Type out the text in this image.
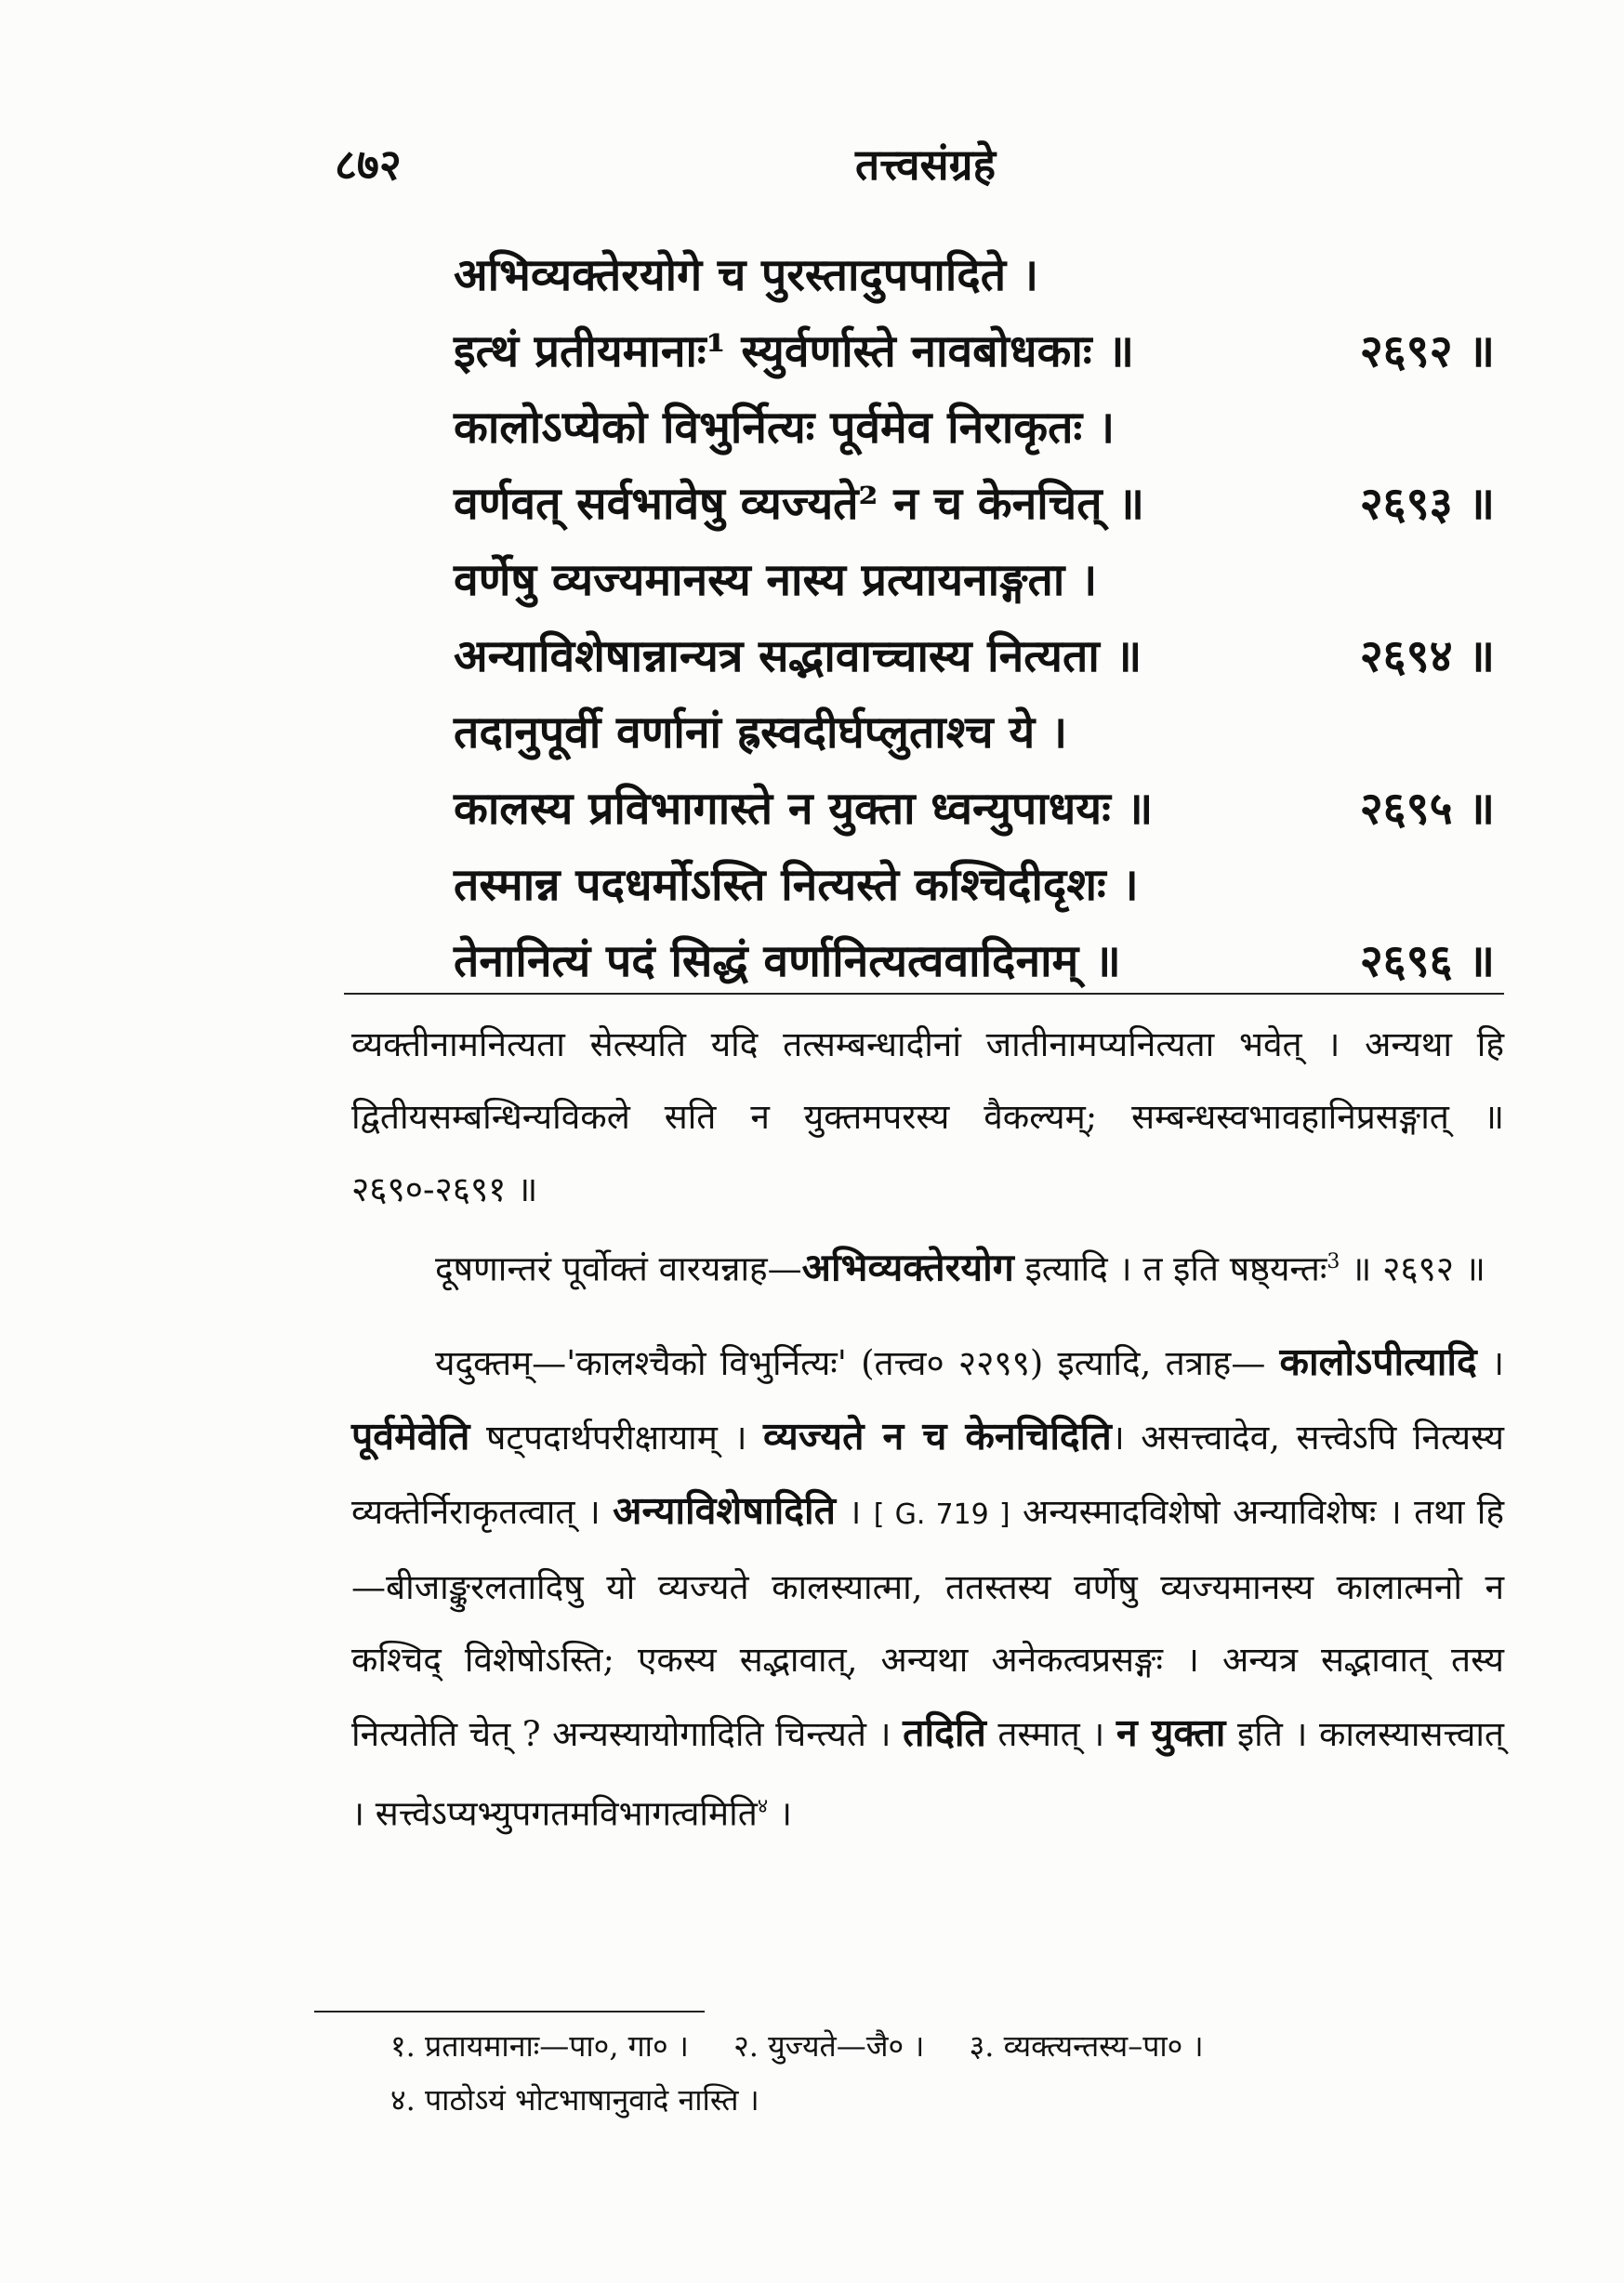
८७२	तत्त्वसंग्रहे
अभिव्यक्तेरयोगे च पुरस्तादुपपादिते ।
इत्थं प्रतीयमानाः¹ स्युर्वर्णास्ते नावबोधकाः ॥	२६९२ ॥
कालोऽप्येको विभुर्नित्यः पूर्वमेव निराकृतः ।
वर्णवत् सर्वभावेषु व्यज्यते² न च केनचित् ॥	२६९३ ॥
वर्णेषु व्यज्यमानस्य नास्य प्रत्यायनाङ्गता ।
अन्याविशेषान्नान्यत्र सद्भावाच्चास्य नित्यता ॥	२६९४ ॥
तदानुपूर्वी वर्णानां ह्रस्वदीर्घप्लुताश्च ये ।
कालस्य प्रविभागास्ते न युक्ता ध्वन्युपाधयः ॥	२६९५ ॥
तस्मान्न पदधर्मोऽस्ति नित्यस्ते कश्चिदीदृशः ।
तेनानित्यं पदं सिद्धं वर्णानित्यत्ववादिनाम् ॥	२६९६ ॥

व्यक्तीनामनित्यता सेत्स्यति यदि तत्सम्बन्धादीनां जातीनामप्यनित्यता भवेत् । अन्यथा हि द्वितीयसम्बन्धिन्यविकले सति न युक्तमपरस्य वैकल्यम्; सम्बन्धस्वभावहानिप्रसङ्गात् ॥ २६९०-२६९१ ॥

दूषणान्तरं पूर्वोक्तं वारयन्नाह—अभिव्यक्तेरयोग इत्यादि । त इति षष्ठ्यन्तः$^3$ ॥ २६९२ ॥

यदुक्तम्—'कालश्चैको विभुर्नित्यः' (तत्त्व० २२९९) इत्यादि, तत्राह— कालोऽपीत्यादि । पूर्वमेवेति षट्पदार्थपरीक्षायाम् । व्यज्यते न च केनचिदिति। असत्त्वादेव, सत्त्वेऽपि नित्यस्य व्यक्तेर्निराकृतत्वात् । अन्याविशेषादिति । [ G. 719 ] अन्यस्मादविशेषो अन्याविशेषः । तथा हि—बीजाङ्कुरलतादिषु यो व्यज्यते कालस्यात्मा, ततस्तस्य वर्णेषु व्यज्यमानस्य कालात्मनो न कश्चिद् विशेषोऽस्ति; एकस्य सद्भावात्, अन्यथा अनेकत्वप्रसङ्गः । अन्यत्र सद्भावात् तस्य नित्यतेति चेत् ? अन्यस्यायोगादिति चिन्त्यते । तदिति तस्मात् । न युक्ता इति । कालस्यासत्त्वात् । सत्त्वेऽप्यभ्युपगतमविभागत्वमिति$^४$ ।

१. प्रतायमानाः—पा०, गा० । २. युज्यते—जै० । ३. व्यक्त्यन्तस्य–पा० ।
४. पाठोऽयं भोटभाषानुवादे नास्ति ।
